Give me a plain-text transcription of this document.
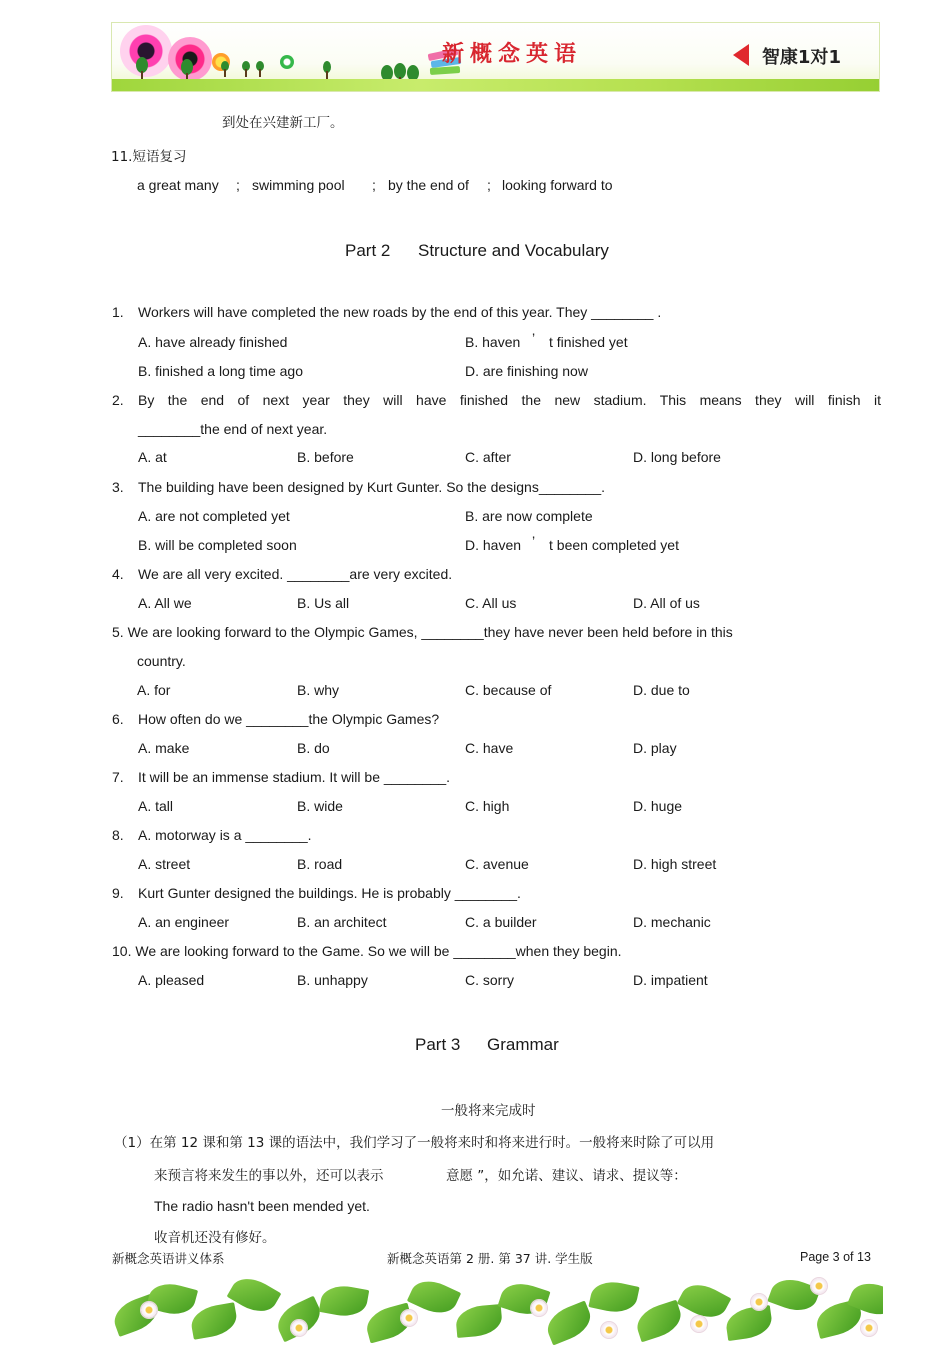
新概念英语	智康1对1
到处在兴建新工厂。
11.短语复习
a great many ; swimming pool ; by the end of ; looking forward to
Part 2 Structure and Vocabulary
1. Workers will have completed the new roads by the end of this year. They ________ .
A. have already finished	B. haven ’ t finished yet
B. finished a long time ago	D. are finishing now
2. By the end of next year they will have finished the new stadium. This means they will finish it
________the end of next year.
A. at	B. before	C. after	D. long before
3. The building have been designed by Kurt Gunter. So the designs________.
A. are not completed yet	B. are now complete
B. will be completed soon	D. haven ’ t been completed yet
4. We are all very excited. ________are very excited.
A. All we	B. Us all	C. All us	D. All of us
5. We are looking forward to the Olympic Games, ________they have never been held before in this
country.
A. for	B. why	C. because of	D. due to
6. How often do we ________the Olympic Games?
A. make	B. do	C. have	D. play
7. It will be an immense stadium. It will be ________.
A. tall	B. wide	C. high	D. huge
8. A. motorway is a ________.
A. street	B. road	C. avenue	D. high street
9. Kurt Gunter designed the buildings. He is probably ________.
A. an engineer	B. an architect	C. a builder	D. mechanic
10. We are looking forward to the Game. So we will be ________when they begin.
A. pleased	B. unhappy	C. sorry	D. impatient
Part 3 Grammar
一般将来完成时
（1）在第 12 课和第 13 课的语法中，我们学习了一般将来时和将来进行时。一般将来时除了可以用
来预言将来发生的事以外，还可以表示	意愿 ”，如允诺、建议、请求、提议等：
The radio hasn't been mended yet.
收音机还没有修好。
新概念英语讲义体系	新概念英语第 2 册. 第 37 讲. 学生版	Page 3 of 13
